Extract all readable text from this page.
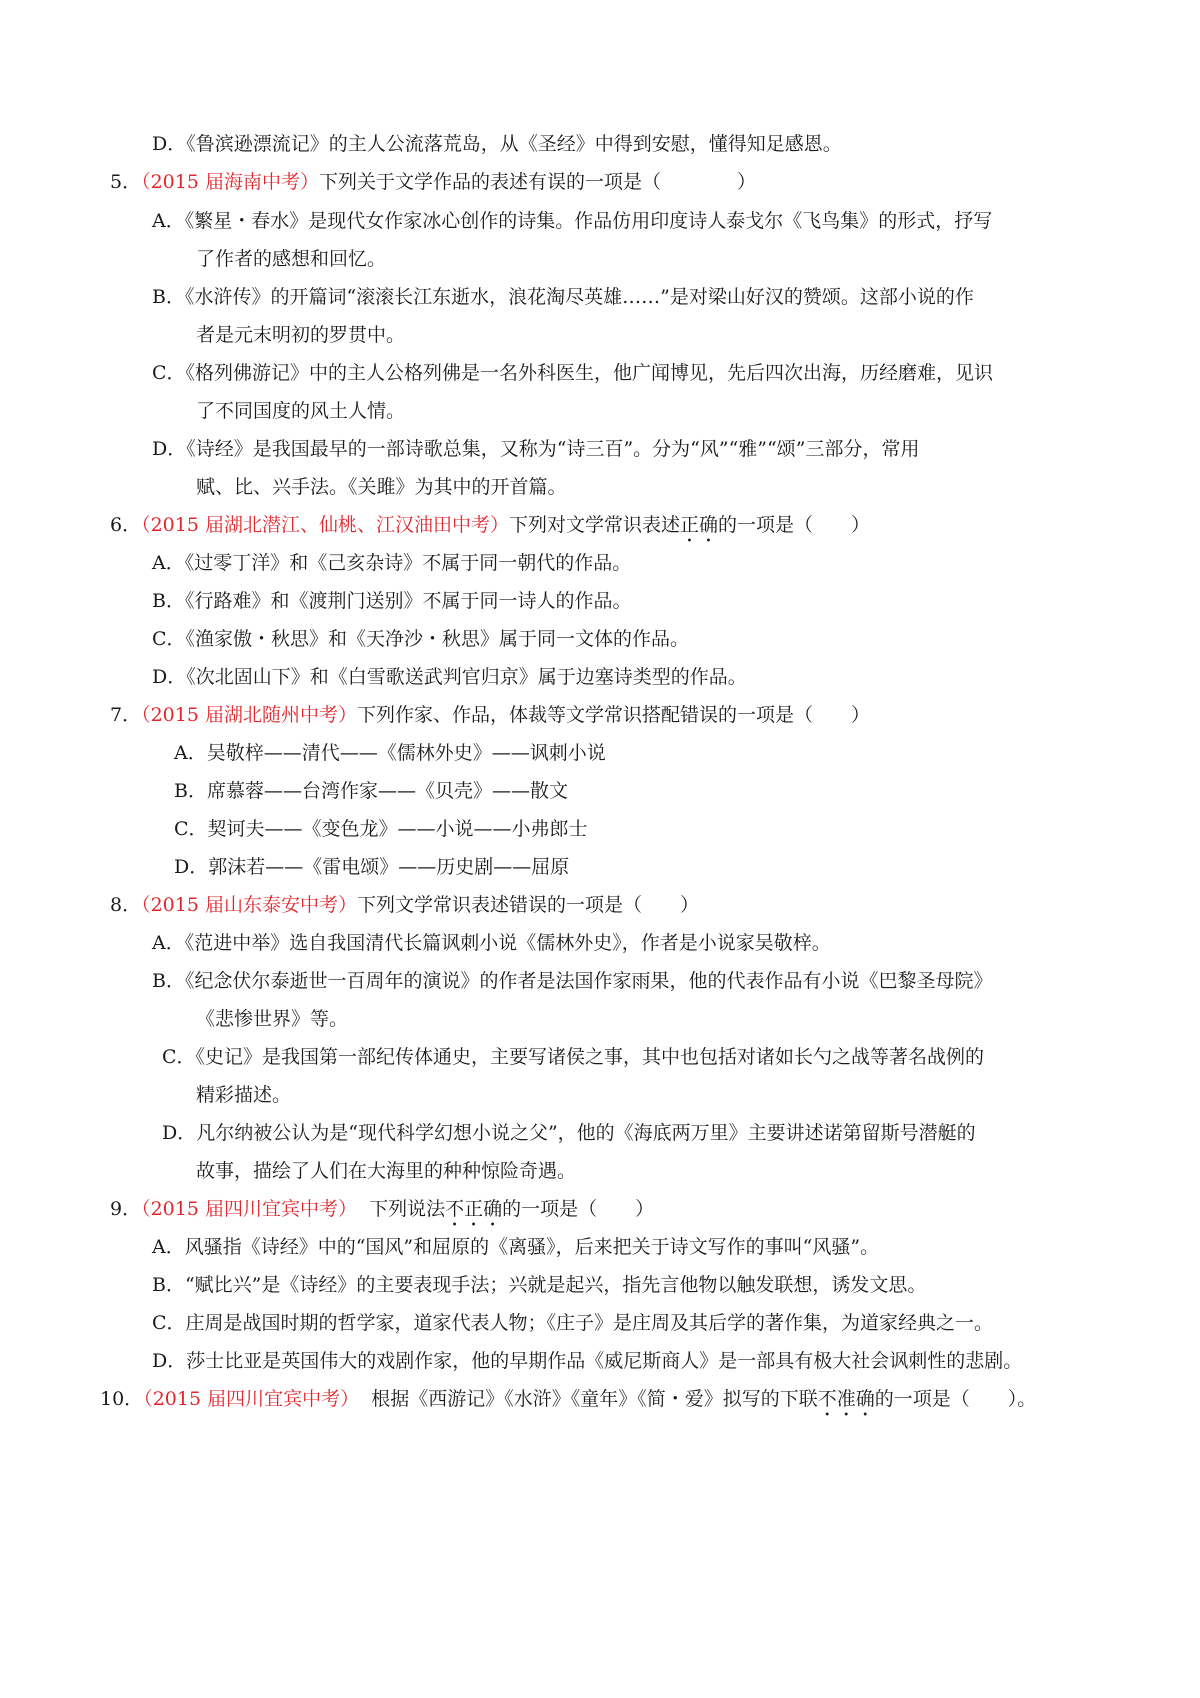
D．《鲁滨逊漂流记》的主人公流落荒岛，从《圣经》中得到安慰，懂得知足感恩。
5．（2015 届海南中考）下列关于文学作品的表述有误的一项是（　　　　）
A．《繁星・春水》是现代女作家冰心创作的诗集。作品仿用印度诗人泰戈尔《飞鸟集》的形式，抒写
了作者的感想和回忆。
B．《水浒传》的开篇词“滚滚长江东逝水，浪花淘尽英雄……”是对梁山好汉的赞颂。这部小说的作
者是元末明初的罗贯中。
C．《格列佛游记》中的主人公格列佛是一名外科医生，他广闻博见，先后四次出海，历经磨难，见识
了不同国度的风土人情。
D．《诗经》是我国最早的一部诗歌总集，又称为“诗三百”。分为“风”“雅”“颂”三部分，常用
赋、比、兴手法。《关雎》为其中的开首篇。
6．（2015 届湖北潜江、仙桃、江汉油田中考）下列对文学常识表述正确的一项是（　　）
A．《过零丁洋》和《己亥杂诗》不属于同一朝代的作品。
B．《行路难》和《渡荆门送别》不属于同一诗人的作品。
C．《渔家傲・秋思》和《天净沙・秋思》属于同一文体的作品。
D．《次北固山下》和《白雪歌送武判官归京》属于边塞诗类型的作品。
7．（2015 届湖北随州中考）下列作家、作品，体裁等文学常识搭配错误的一项是（　　）
A．吴敬梓——清代——《儒林外史》——讽刺小说
B．席慕蓉——台湾作家——《贝壳》——散文
C．契诃夫——《变色龙》——小说——小弗郎士
D．郭沫若——《雷电颂》——历史剧——屈原
8．（2015 届山东泰安中考）下列文学常识表述错误的一项是（　　）
A．《范进中举》选自我国清代长篇讽刺小说《儒林外史》，作者是小说家吴敬梓。
B．《纪念伏尔泰逝世一百周年的演说》的作者是法国作家雨果，他的代表作品有小说《巴黎圣母院》
《悲惨世界》等。
C．《史记》是我国第一部纪传体通史，主要写诸侯之事，其中也包括对诸如长勺之战等著名战例的
精彩描述。
D．凡尔纳被公认为是“现代科学幻想小说之父”，他的《海底两万里》主要讲述诺第留斯号潜艇的
故事，描绘了人们在大海里的种种惊险奇遇。
9．（2015 届四川宜宾中考） 下列说法不正确的一项是（　　）
A．风骚指《诗经》中的“国风”和屈原的《离骚》，后来把关于诗文写作的事叫“风骚”。
B．“赋比兴”是《诗经》的主要表现手法；兴就是起兴，指先言他物以触发联想，诱发文思。
C．庄周是战国时期的哲学家，道家代表人物；《庄子》是庄周及其后学的著作集，为道家经典之一。
D．莎士比亚是英国伟大的戏剧作家，他的早期作品《威尼斯商人》是一部具有极大社会讽刺性的悲剧。
10．（2015 届四川宜宾中考） 根据《西游记》《水浒》《童年》《简・爱》拟写的下联不准确的一项是（　　）。
